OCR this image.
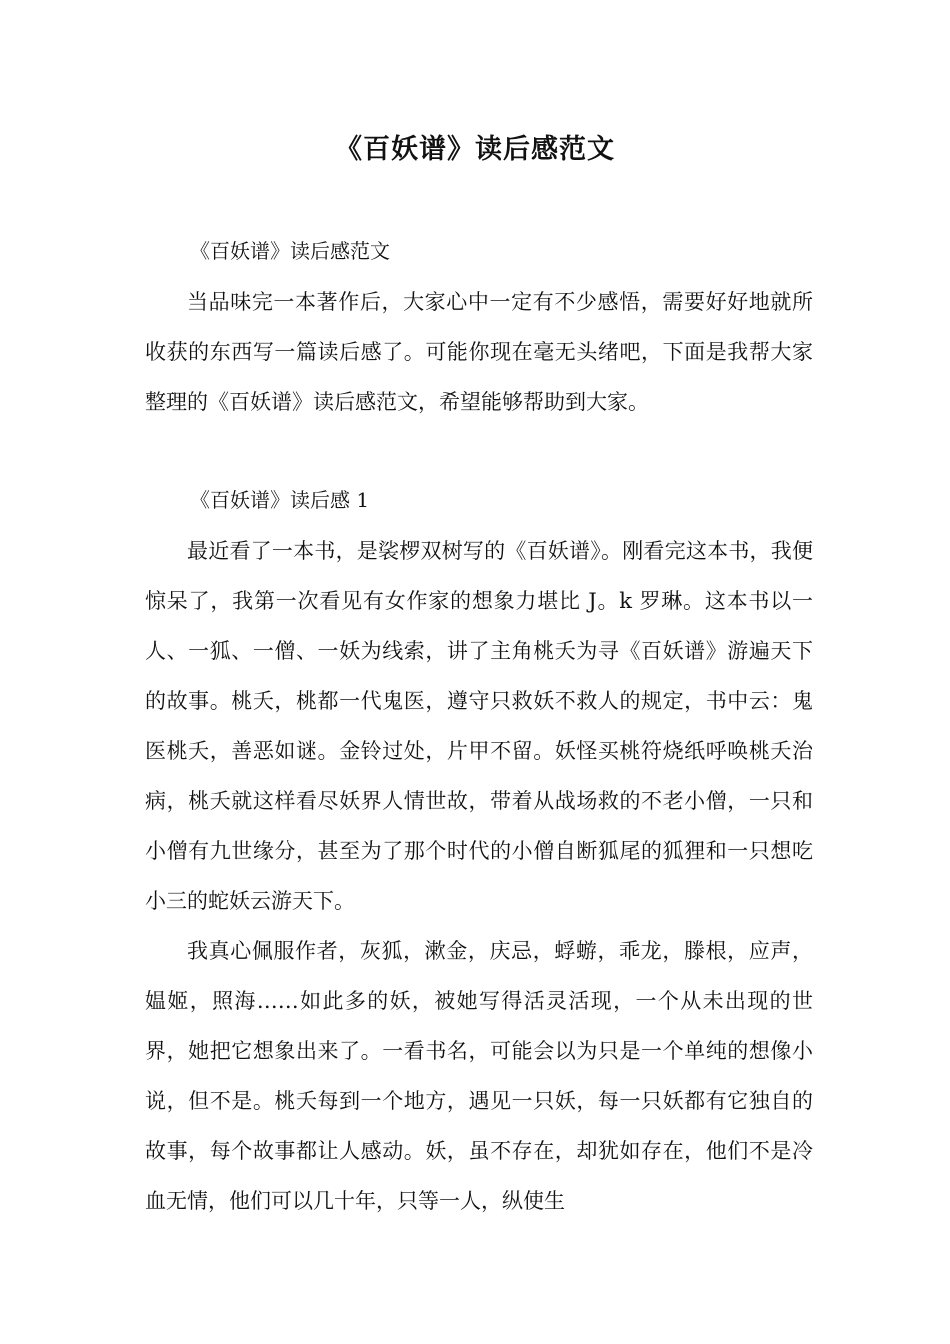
《百妖谱》读后感范文
《百妖谱》读后感范文

当品味完一本著作后，大家心中一定有不少感悟，需要好好地就所收获的东西写一篇读后感了。可能你现在毫无头绪吧，下面是我帮大家整理的《百妖谱》读后感范文，希望能够帮助到大家。

《百妖谱》读后感 1

最近看了一本书，是裟椤双树写的《百妖谱》。刚看完这本书，我便惊呆了，我第一次看见有女作家的想象力堪比 J。k 罗琳。这本书以一人、一狐、一僧、一妖为线索，讲了主角桃夭为寻《百妖谱》游遍天下的故事。桃夭，桃都一代鬼医，遵守只救妖不救人的规定，书中云：鬼医桃夭，善恶如谜。金铃过处，片甲不留。妖怪买桃符烧纸呼唤桃夭治病，桃夭就这样看尽妖界人情世故，带着从战场救的不老小僧，一只和小僧有九世缘分，甚至为了那个时代的小僧自断狐尾的狐狸和一只想吃小三的蛇妖云游天下。

我真心佩服作者，灰狐，漱金，庆忌，蜉蝣，乖龙，滕根，应声，媪姬，照海……如此多的妖，被她写得活灵活现，一个从未出现的世界，她把它想象出来了。一看书名，可能会以为只是一个单纯的想像小说，但不是。桃夭每到一个地方，遇见一只妖，每一只妖都有它独自的故事，每个故事都让人感动。妖，虽不存在，却犹如存在，他们不是冷血无情，他们可以几十年，只等一人，纵使生
